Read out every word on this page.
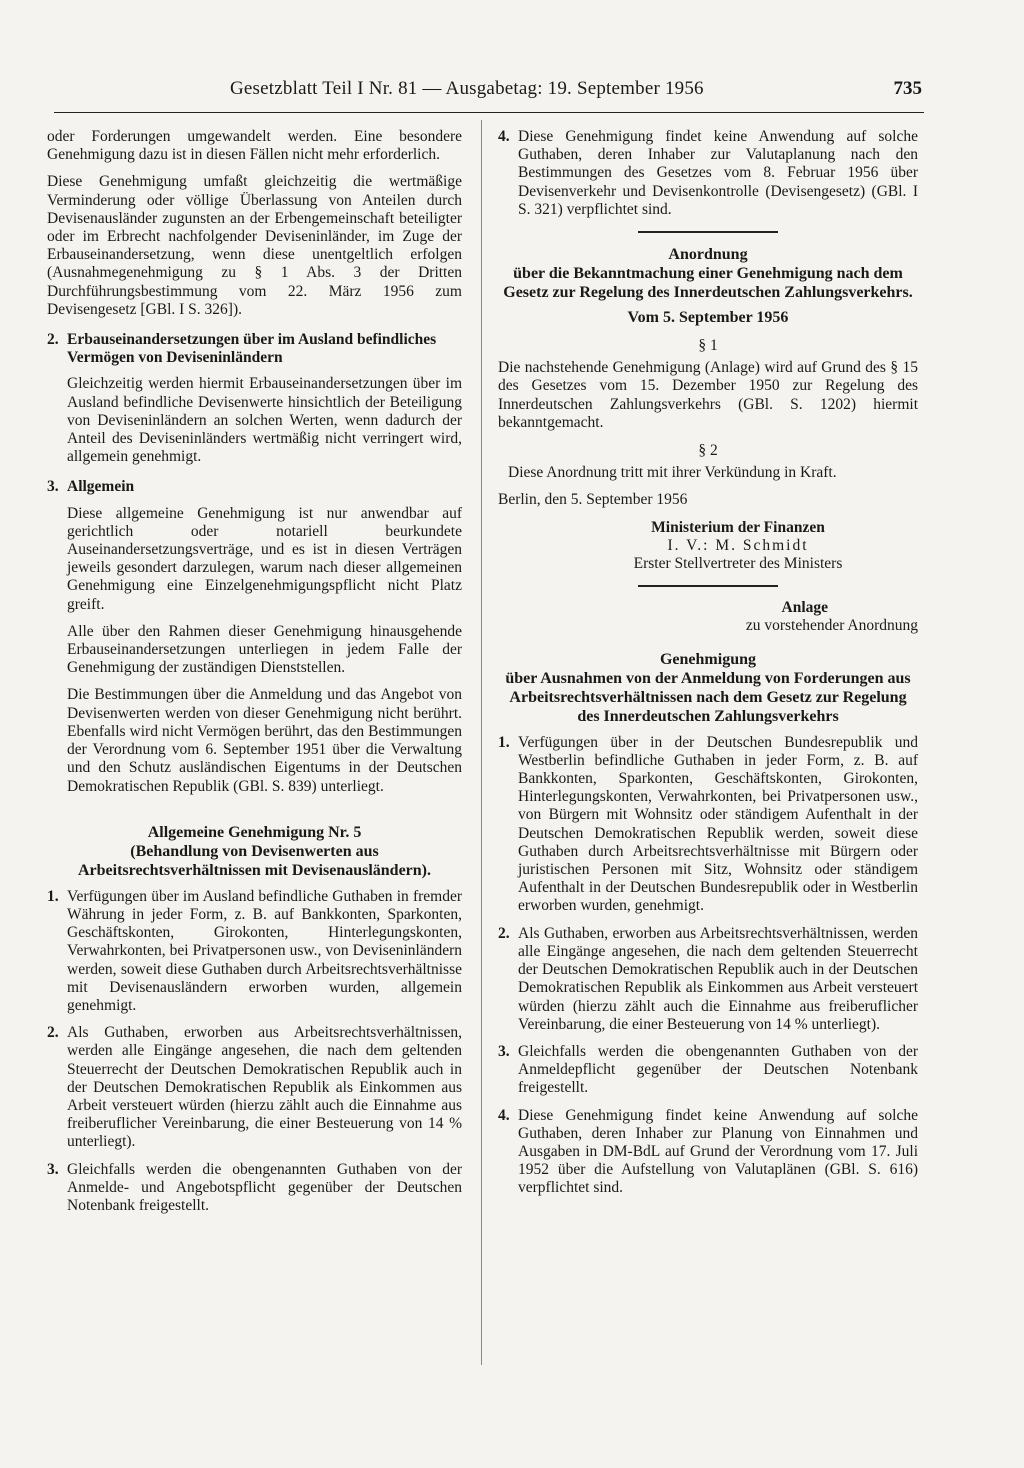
Gesetzblatt Teil I Nr. 81 — Ausgabetag: 19. September 1956	735

oder Forderungen umgewandelt werden. Eine besondere Genehmigung dazu ist in diesen Fällen nicht mehr erforderlich.

Diese Genehmigung umfaßt gleichzeitig die wertmäßige Verminderung oder völlige Überlassung von Anteilen durch Devisenausländer zugunsten an der Erbengemeinschaft beteiligter oder im Erbrecht nachfolgender Deviseninländer, im Zuge der Erbauseinandersetzung, wenn diese unentgeltlich erfolgen (Ausnahmegenehmigung zu § 1 Abs. 3 der Dritten Durchführungsbestimmung vom 22. März 1956 zum Devisengesetz [GBl. I S. 326]).

2. Erbauseinandersetzungen über im Ausland befindliches Vermögen von Deviseninländern

Gleichzeitig werden hiermit Erbauseinandersetzungen über im Ausland befindliche Devisenwerte hinsichtlich der Beteiligung von Deviseninländern an solchen Werten, wenn dadurch der Anteil des Deviseninländers wertmäßig nicht verringert wird, allgemein genehmigt.

3. Allgemein

Diese allgemeine Genehmigung ist nur anwendbar auf gerichtlich oder notariell beurkundete Auseinandersetzungsverträge, und es ist in diesen Verträgen jeweils gesondert darzulegen, warum nach dieser allgemeinen Genehmigung eine Einzelgenehmigungspflicht nicht Platz greift.

Alle über den Rahmen dieser Genehmigung hinausgehende Erbauseinandersetzungen unterliegen in jedem Falle der Genehmigung der zuständigen Dienststellen.

Die Bestimmungen über die Anmeldung und das Angebot von Devisenwerten werden von dieser Genehmigung nicht berührt. Ebenfalls wird nicht Vermögen berührt, das den Bestimmungen der Verordnung vom 6. September 1951 über die Verwaltung und den Schutz ausländischen Eigentums in der Deutschen Demokratischen Republik (GBl. S. 839) unterliegt.

Allgemeine Genehmigung Nr. 5
(Behandlung von Devisenwerten aus Arbeitsrechtsverhältnissen mit Devisenausländern).
1. Verfügungen über im Ausland befindliche Guthaben in fremder Währung in jeder Form, z. B. auf Bankkonten, Sparkonten, Geschäftskonten, Girokonten, Hinterlegungskonten, Verwahrkonten, bei Privatpersonen usw., von Deviseninländern werden, soweit diese Guthaben durch Arbeitsrechtsverhältnisse mit Devisenausländern erworben wurden, allgemein genehmigt.
2. Als Guthaben, erworben aus Arbeitsrechtsverhältnissen, werden alle Eingänge angesehen, die nach dem geltenden Steuerrecht der Deutschen Demokratischen Republik auch in der Deutschen Demokratischen Republik als Einkommen aus Arbeit versteuert würden (hierzu zählt auch die Einnahme aus freiberuflicher Vereinbarung, die einer Besteuerung von 14 % unterliegt).
3. Gleichfalls werden die obengenannten Guthaben von der Anmelde- und Angebotspflicht gegenüber der Deutschen Notenbank freigestellt.
4. Diese Genehmigung findet keine Anwendung auf solche Guthaben, deren Inhaber zur Valutaplanung nach den Bestimmungen des Gesetzes vom 8. Februar 1956 über Devisenverkehr und Devisenkontrolle (Devisengesetz) (GBl. I S. 321) verpflichtet sind.
Anordnung
über die Bekanntmachung einer Genehmigung nach dem Gesetz zur Regelung des Innerdeutschen Zahlungsverkehrs.
Vom 5. September 1956
§ 1

Die nachstehende Genehmigung (Anlage) wird auf Grund des § 15 des Gesetzes vom 15. Dezember 1950 zur Regelung des Innerdeutschen Zahlungsverkehrs (GBl. S. 1202) hiermit bekanntgemacht.

§ 2

Diese Anordnung tritt mit ihrer Verkündung in Kraft.

Berlin, den 5. September 1956

Ministerium der Finanzen
I. V.: M. Schmidt
Erster Stellvertreter des Ministers
Anlage
zu vorstehender Anordnung
Genehmigung
über Ausnahmen von der Anmeldung von Forderungen aus Arbeitsrechtsverhältnissen nach dem Gesetz zur Regelung des Innerdeutschen Zahlungsverkehrs
1. Verfügungen über in der Deutschen Bundesrepublik und Westberlin befindliche Guthaben in jeder Form, z. B. auf Bankkonten, Sparkonten, Geschäftskonten, Girokonten, Hinterlegungskonten, Verwahrkonten, bei Privatpersonen usw., von Bürgern mit Wohnsitz oder ständigem Aufenthalt in der Deutschen Demokratischen Republik werden, soweit diese Guthaben durch Arbeitsrechtsverhältnisse mit Bürgern oder juristischen Personen mit Sitz, Wohnsitz oder ständigem Aufenthalt in der Deutschen Bundesrepublik oder in Westberlin erworben wurden, genehmigt.
2. Als Guthaben, erworben aus Arbeitsrechtsverhältnissen, werden alle Eingänge angesehen, die nach dem geltenden Steuerrecht der Deutschen Demokratischen Republik auch in der Deutschen Demokratischen Republik als Einkommen aus Arbeit versteuert würden (hierzu zählt auch die Einnahme aus freiberuflicher Vereinbarung, die einer Besteuerung von 14 % unterliegt).
3. Gleichfalls werden die obengenannten Guthaben von der Anmeldepflicht gegenüber der Deutschen Notenbank freigestellt.
4. Diese Genehmigung findet keine Anwendung auf solche Guthaben, deren Inhaber zur Planung von Einnahmen und Ausgaben in DM-BdL auf Grund der Verordnung vom 17. Juli 1952 über die Aufstellung von Valutaplänen (GBl. S. 616) verpflichtet sind.
